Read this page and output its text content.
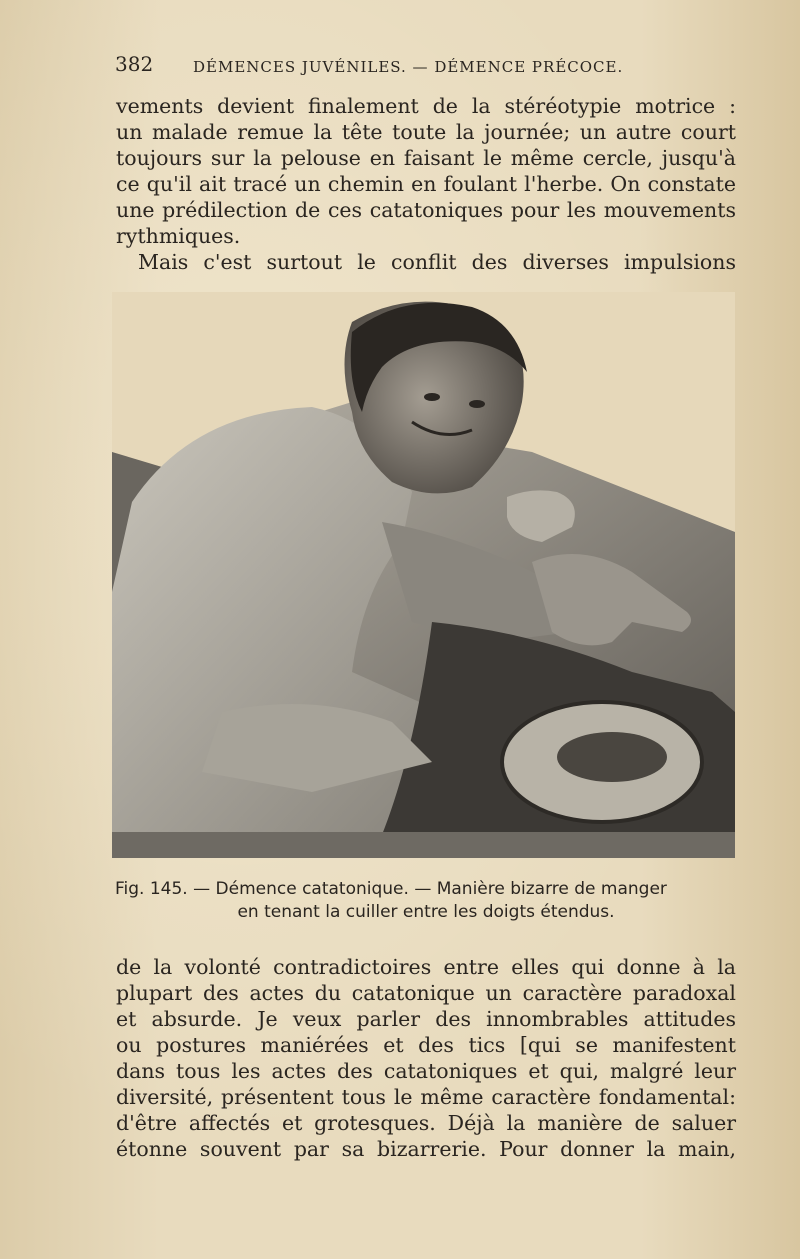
382	DÉMENCES JUVÉNILES. — DÉMENCE PRÉCOCE.

vements devient finalement de la stéréotypie motrice :
un malade remue la tête toute la journée; un autre court
toujours sur la pelouse en faisant le même cercle, jusqu'à
ce qu'il ait tracé un chemin en foulant l'herbe. On constate
une prédilection de ces catatoniques pour les mouvements
rythmiques.
Mais c'est surtout le conflit des diverses impulsions

Fig. 145. — Démence catatonique. — Manière bizarre de manger
en tenant la cuiller entre les doigts étendus.

de la volonté contradictoires entre elles qui donne à la
plupart des actes du catatonique un caractère paradoxal
et absurde. Je veux parler des innombrables attitudes
ou postures maniérées et des tics [qui se manifestent
dans tous les actes des catatoniques et qui, malgré leur
diversité, présentent tous le même caractère fondamental:
d'être affectés et grotesques. Déjà la manière de saluer
étonne souvent par sa bizarrerie. Pour donner la main,
